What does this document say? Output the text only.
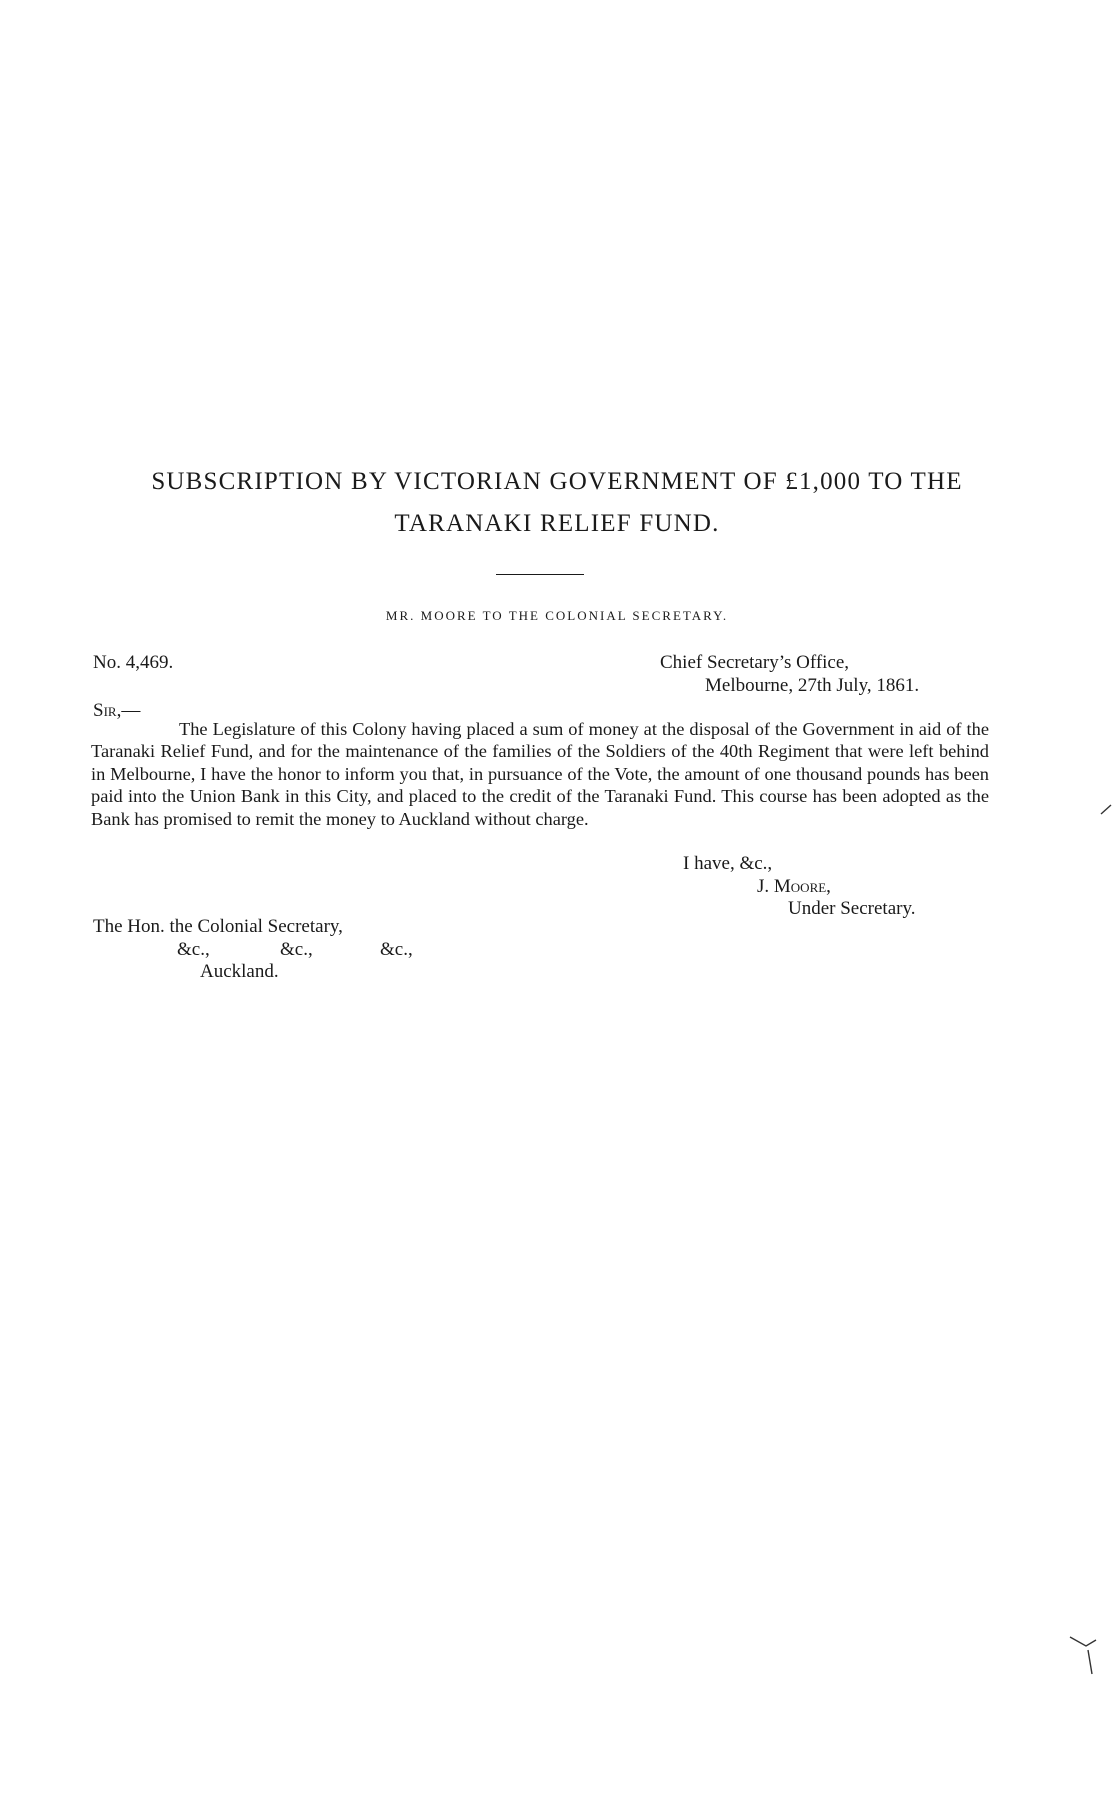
SUBSCRIPTION BY VICTORIAN GOVERNMENT OF £1,000 TO THE
TARANAKI RELIEF FUND.
MR. MOORE TO THE COLONIAL SECRETARY.
No. 4,469.	Chief Secretary’s Office,
Melbourne, 27th July, 1861.
Sir,—

The Legislature of this Colony having placed a sum of money at the disposal of the Government in aid of the Taranaki Relief Fund, and for the maintenance of the families of the Soldiers of the 40th Regiment that were left behind in Melbourne, I have the honor to inform you that, in pursuance of the Vote, the amount of one thousand pounds has been paid into the Union Bank in this City, and placed to the credit of the Taranaki Fund. This course has been adopted as the Bank has promised to remit the money to Auckland without charge.

I have, &c.,
J. Moore,
Under Secretary.
The Hon. the Colonial Secretary,
&c.,	&c.,	&c.,
Auckland.
